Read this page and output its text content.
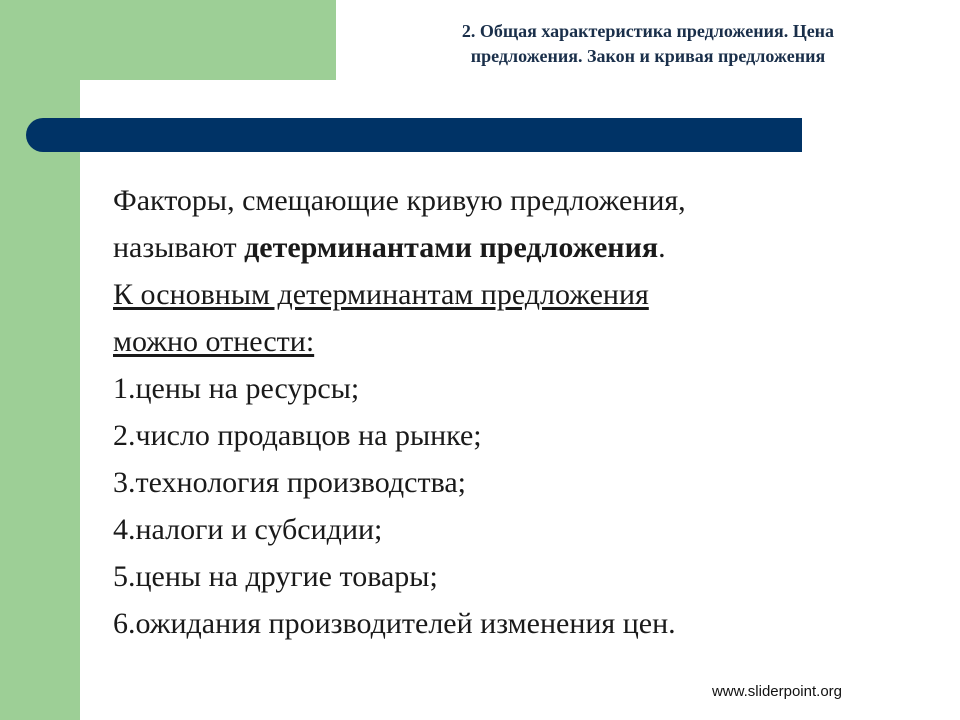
2. Общая характеристика предложения. Цена
предложения. Закон и кривая предложения

Факторы, смещающие кривую предложения,

называют детерминантами предложения.

К основным детерминантам предложения

можно отнести:

1.цены на ресурсы;

2.число продавцов на рынке;

3.технология производства;

4.налоги и субсидии;

5.цены на другие товары;

6.ожидания производителей изменения цен.

www.sliderpoint.org
